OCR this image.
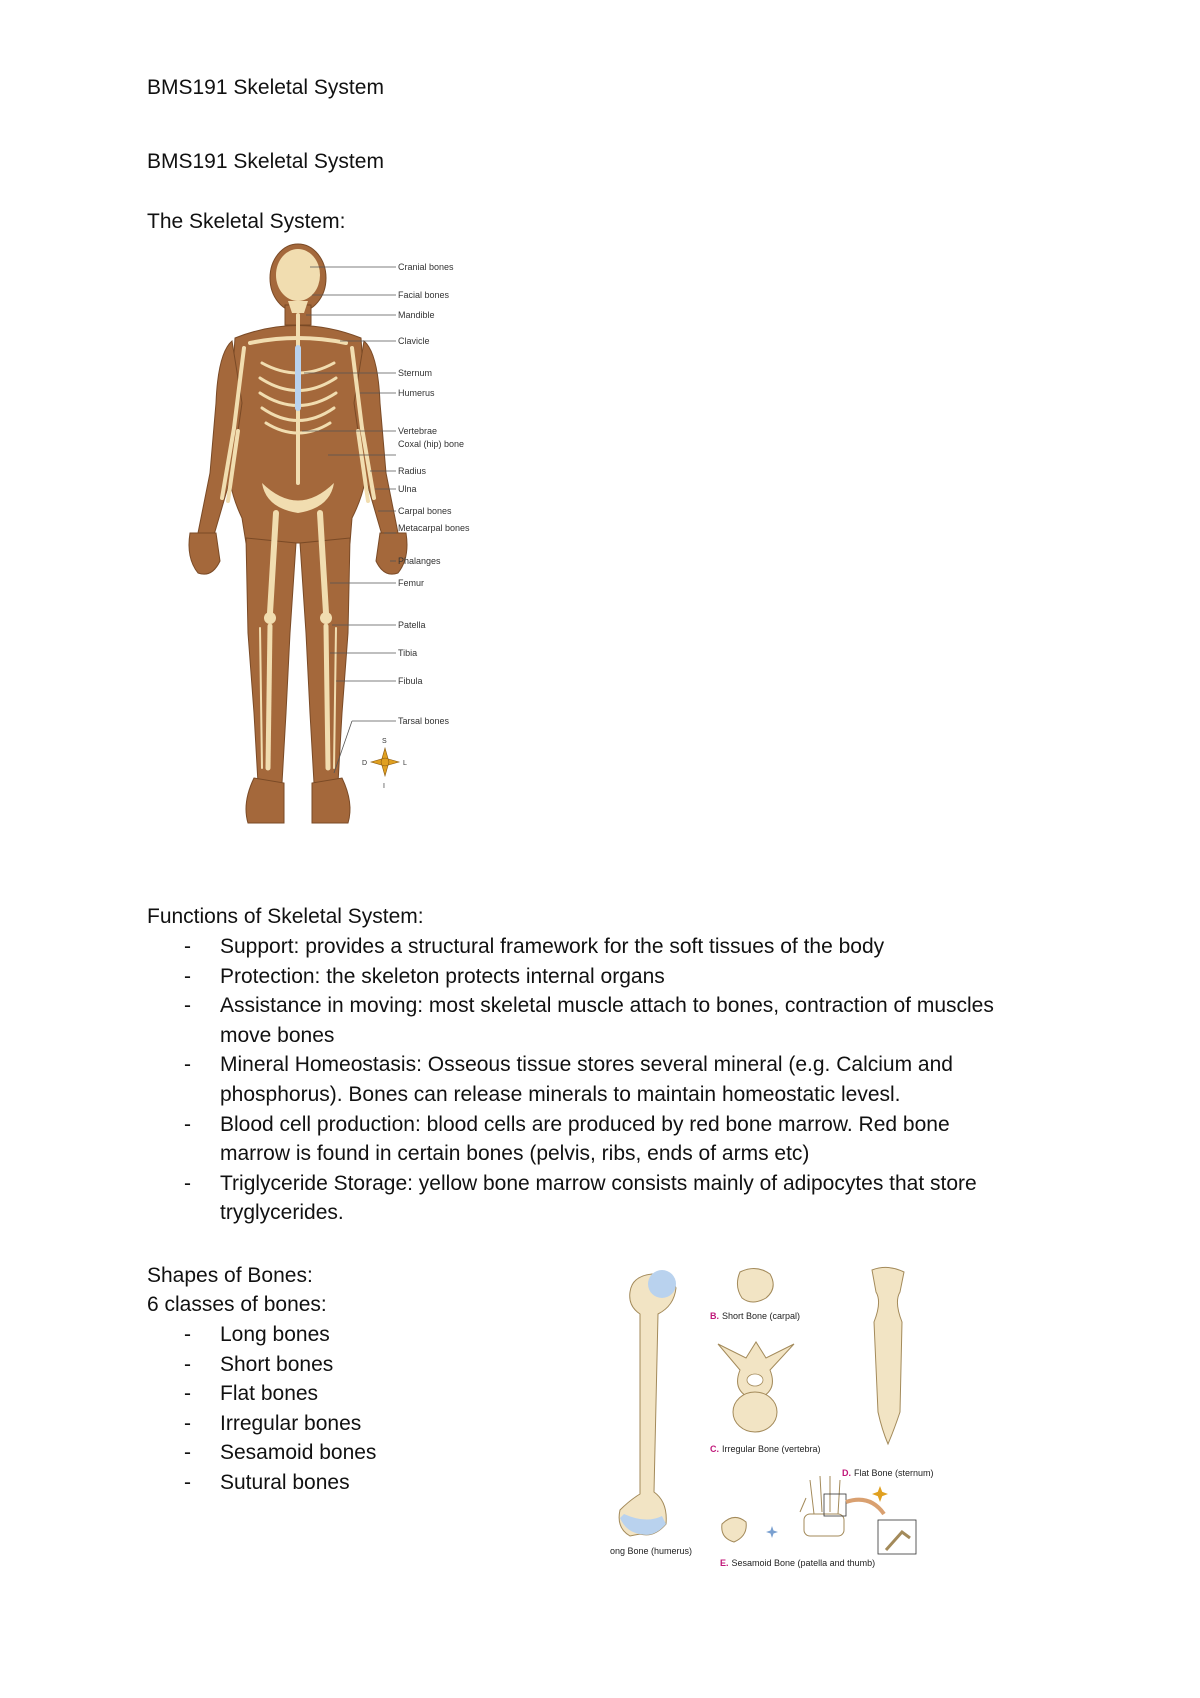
BMS191 Skeletal System
BMS191 Skeletal System
The Skeletal System:
Cranial bones
Facial bones
Mandible
Clavicle
Sternum
Humerus
Vertebrae
Coxal (hip) bone
Radius
Ulna
Carpal bones
Metacarpal bones
Phalanges
Femur
Patella
Tibia
Fibula
Tarsal bones
S
D	L
I
Functions of Skeletal System:
- Support: provides a structural framework for the soft tissues of the body
- Protection: the skeleton protects internal organs
- Assistance in moving: most skeletal muscle attach to bones, contraction of muscles
move bones
- Mineral Homeostasis: Osseous tissue stores several mineral (e.g. Calcium and
phosphorus). Bones can release minerals to maintain homeostatic levesl.
- Blood cell production: blood cells are produced by red bone marrow. Red bone
marrow is found in certain bones (pelvis, ribs, ends of arms etc)
- Triglyceride Storage: yellow bone marrow consists mainly of adipocytes that store
tryglycerides.
Shapes of Bones:
6 classes of bones:
- Long bones
- Short bones
- Flat bones
- Irregular bones
- Sesamoid bones
- Sutural bones
ong Bone (humerus)
B. Short Bone (carpal)
C. Irregular Bone (vertebra)
D. Flat Bone (sternum)
E. Sesamoid Bone (patella and thumb)
